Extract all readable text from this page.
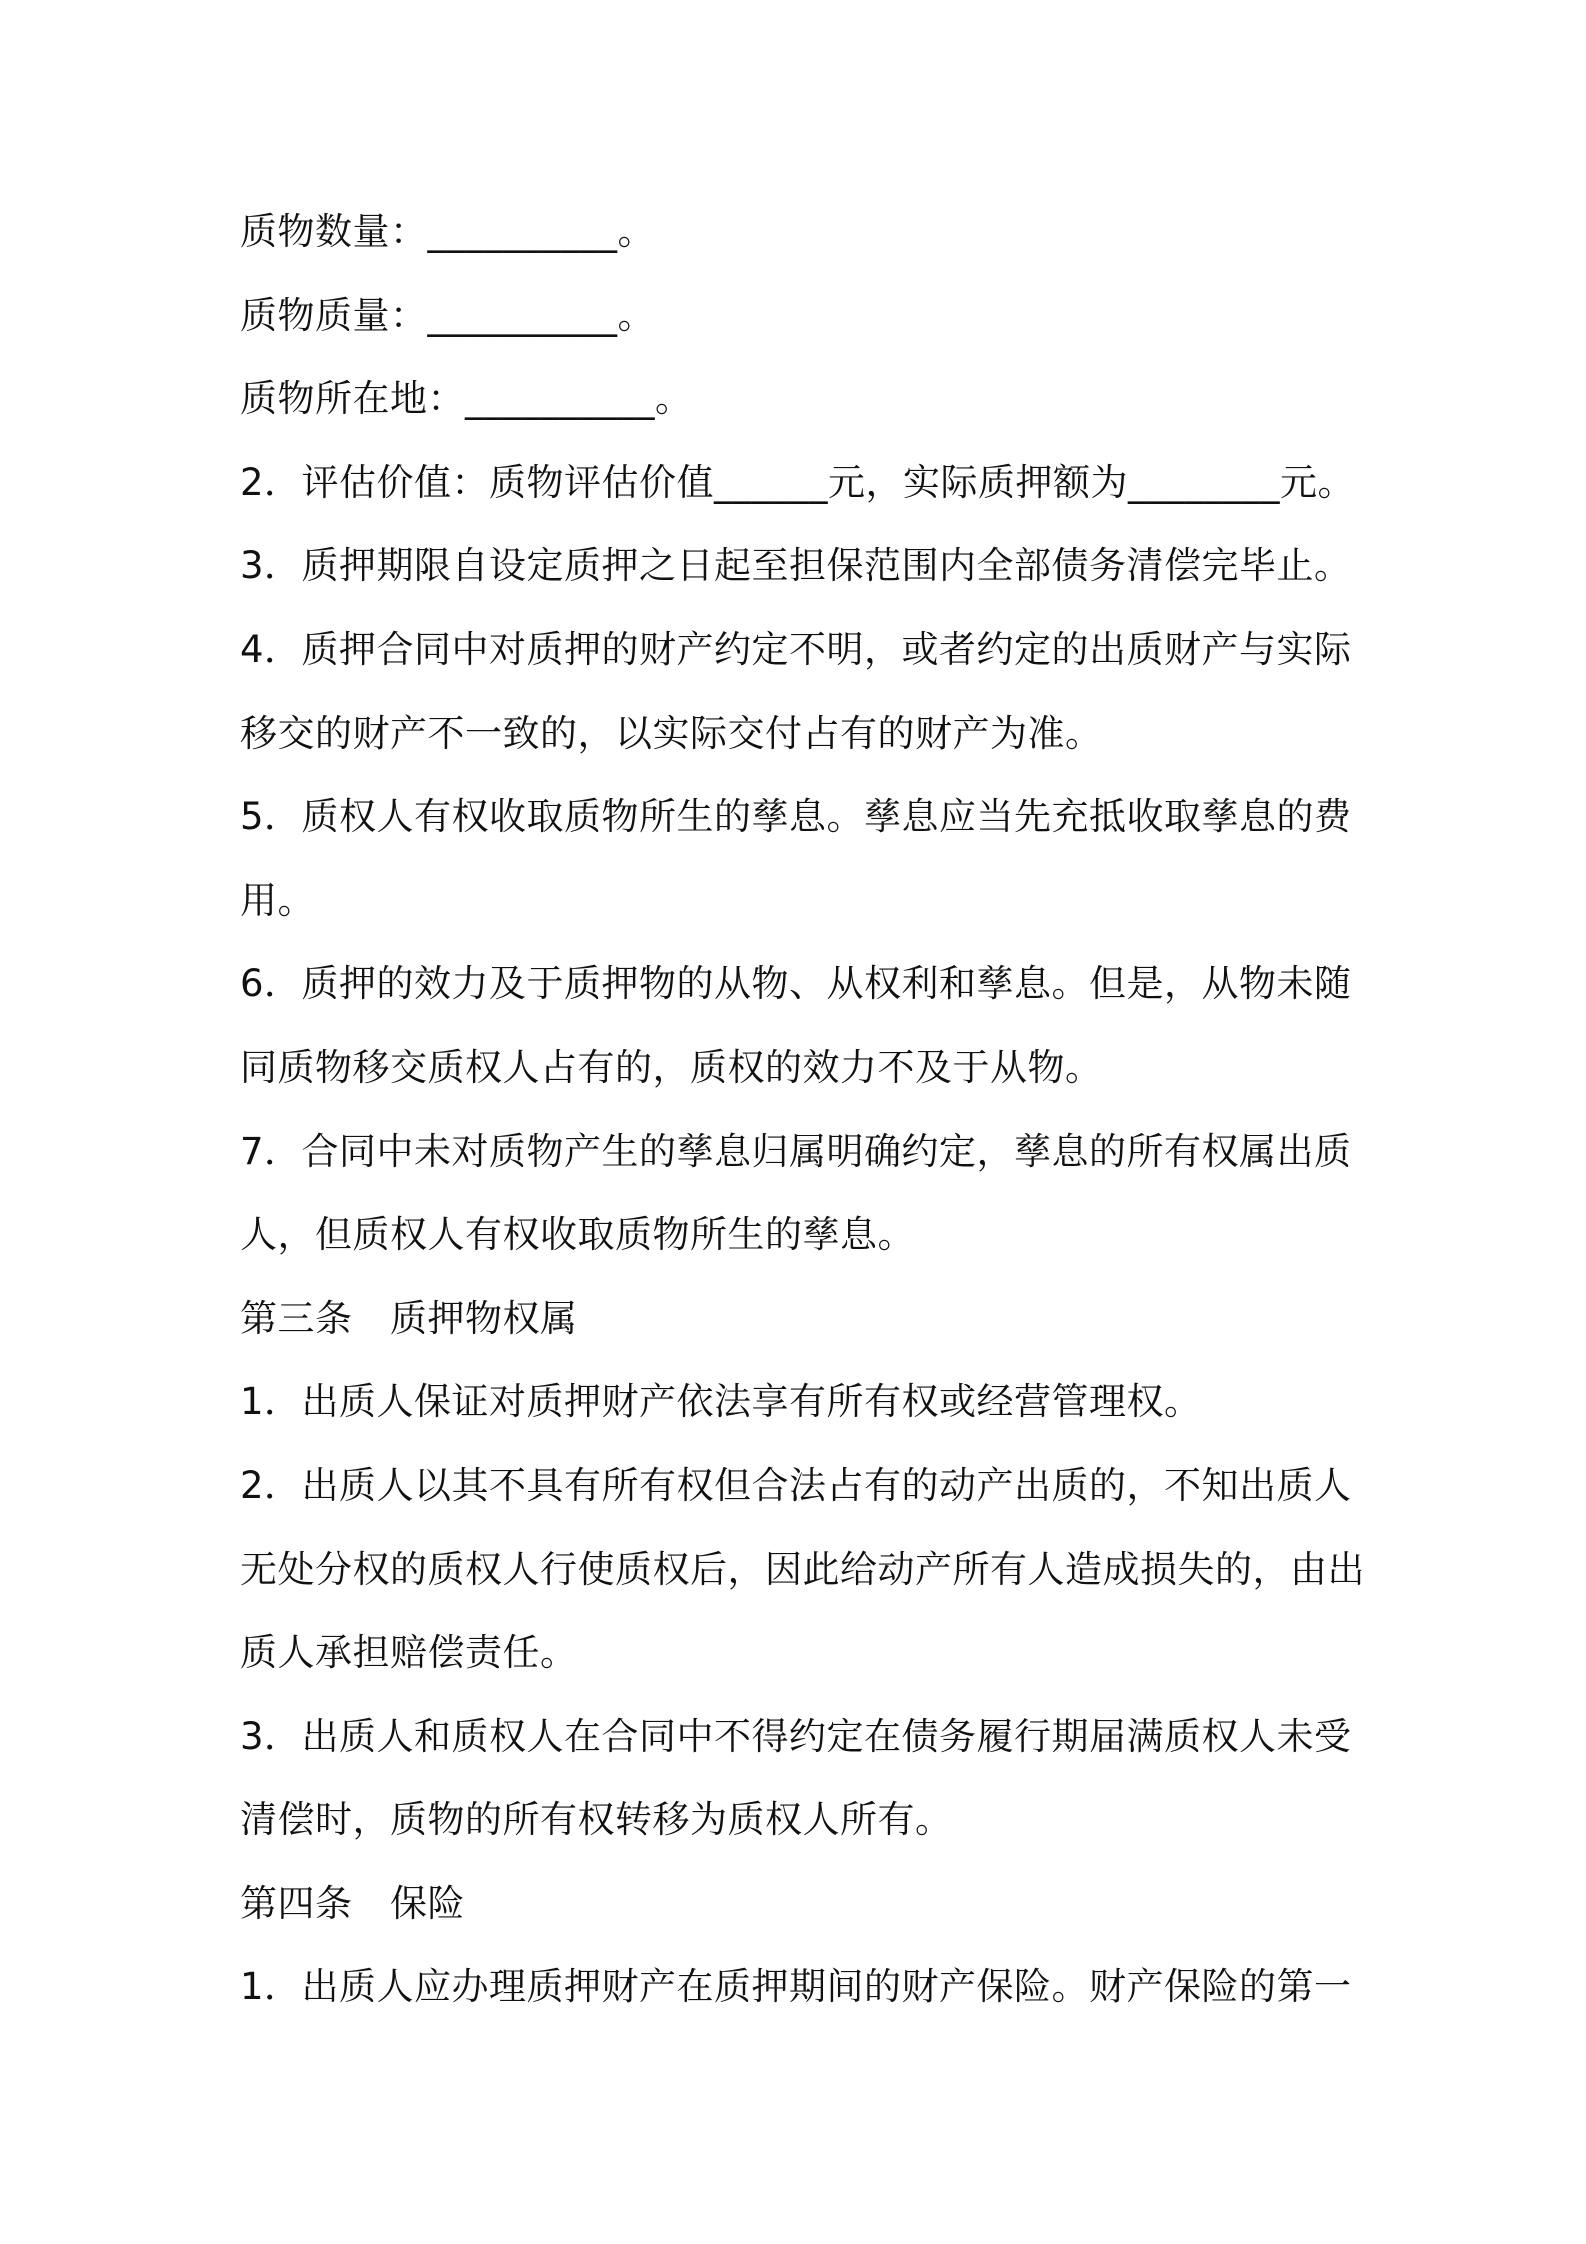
质物数量：__________。
质物质量：__________。
质物所在地：__________。
2．评估价值：质物评估价值______元，实际质押额为________元。
3．质押期限自设定质押之日起至担保范围内全部债务清偿完毕止。
4．质押合同中对质押的财产约定不明，或者约定的出质财产与实际
移交的财产不一致的，以实际交付占有的财产为准。
5．质权人有权收取质物所生的孳息。孳息应当先充抵收取孳息的费
用。
6．质押的效力及于质押物的从物、从权利和孳息。但是，从物未随
同质物移交质权人占有的，质权的效力不及于从物。
7．合同中未对质物产生的孳息归属明确约定，孳息的所有权属出质
人，但质权人有权收取质物所生的孳息。
第三条　质押物权属
1．出质人保证对质押财产依法享有所有权或经营管理权。
2．出质人以其不具有所有权但合法占有的动产出质的，不知出质人
无处分权的质权人行使质权后，因此给动产所有人造成损失的，由出
质人承担赔偿责任。
3．出质人和质权人在合同中不得约定在债务履行期届满质权人未受
清偿时，质物的所有权转移为质权人所有。
第四条　保险
1．出质人应办理质押财产在质押期间的财产保险。财产保险的第一
